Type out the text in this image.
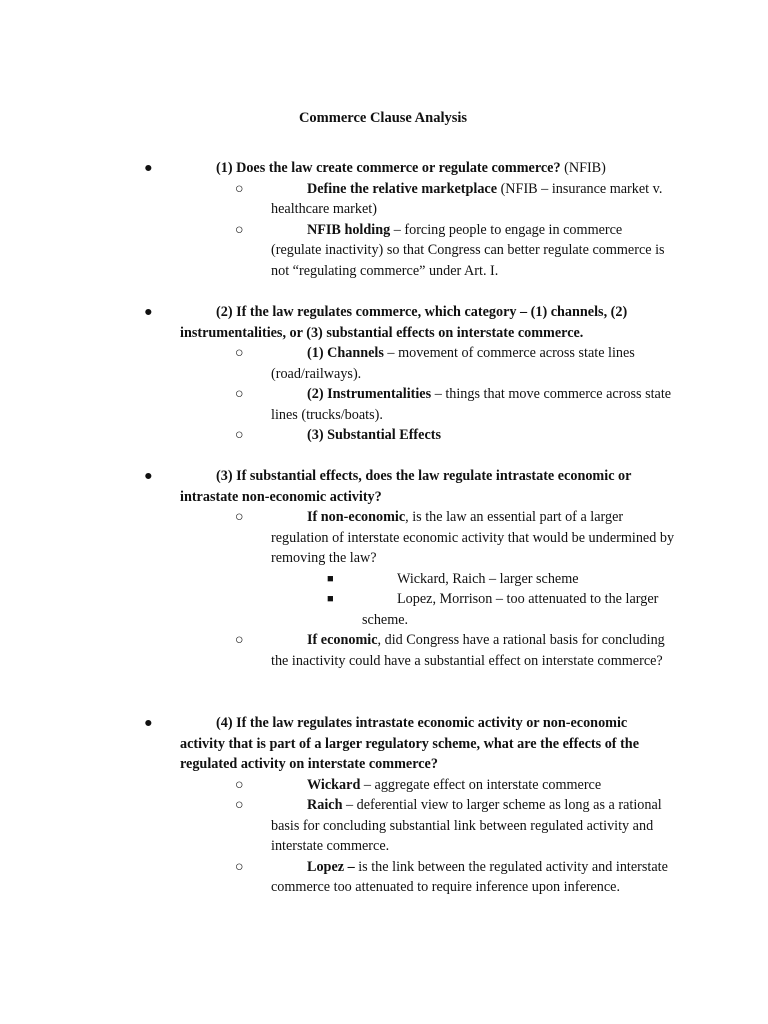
Commerce Clause Analysis

●	(1) Does the law create commerce or regulate commerce? (NFIB)

○	Define the relative marketplace (NFIB – insurance market v. healthcare market)

○	NFIB holding – forcing people to engage in commerce (regulate inactivity) so that Congress can better regulate commerce is not “regulating commerce” under Art. I.

●	(2) If the law regulates commerce, which category – (1) channels, (2) instrumentalities, or (3) substantial effects on interstate commerce.

○	(1) Channels – movement of commerce across state lines (road/railways).

○	(2) Instrumentalities – things that move commerce across state lines (trucks/boats).

○	(3) Substantial Effects

●	(3) If substantial effects, does the law regulate intrastate economic or intrastate non-economic activity?

○	If non-economic, is the law an essential part of a larger regulation of interstate economic activity that would be undermined by removing the law?

■	Wickard, Raich – larger scheme

■	Lopez, Morrison – too attenuated to the larger scheme.

○	If economic, did Congress have a rational basis for concluding the inactivity could have a substantial effect on interstate commerce?

●	(4) If the law regulates intrastate economic activity or non-economic activity that is part of a larger regulatory scheme, what are the effects of the regulated activity on interstate commerce?

○	Wickard – aggregate effect on interstate commerce

○	Raich – deferential view to larger scheme as long as a rational basis for concluding substantial link between regulated activity and interstate commerce.

○	Lopez – is the link between the regulated activity and interstate commerce too attenuated to require inference upon inference.
